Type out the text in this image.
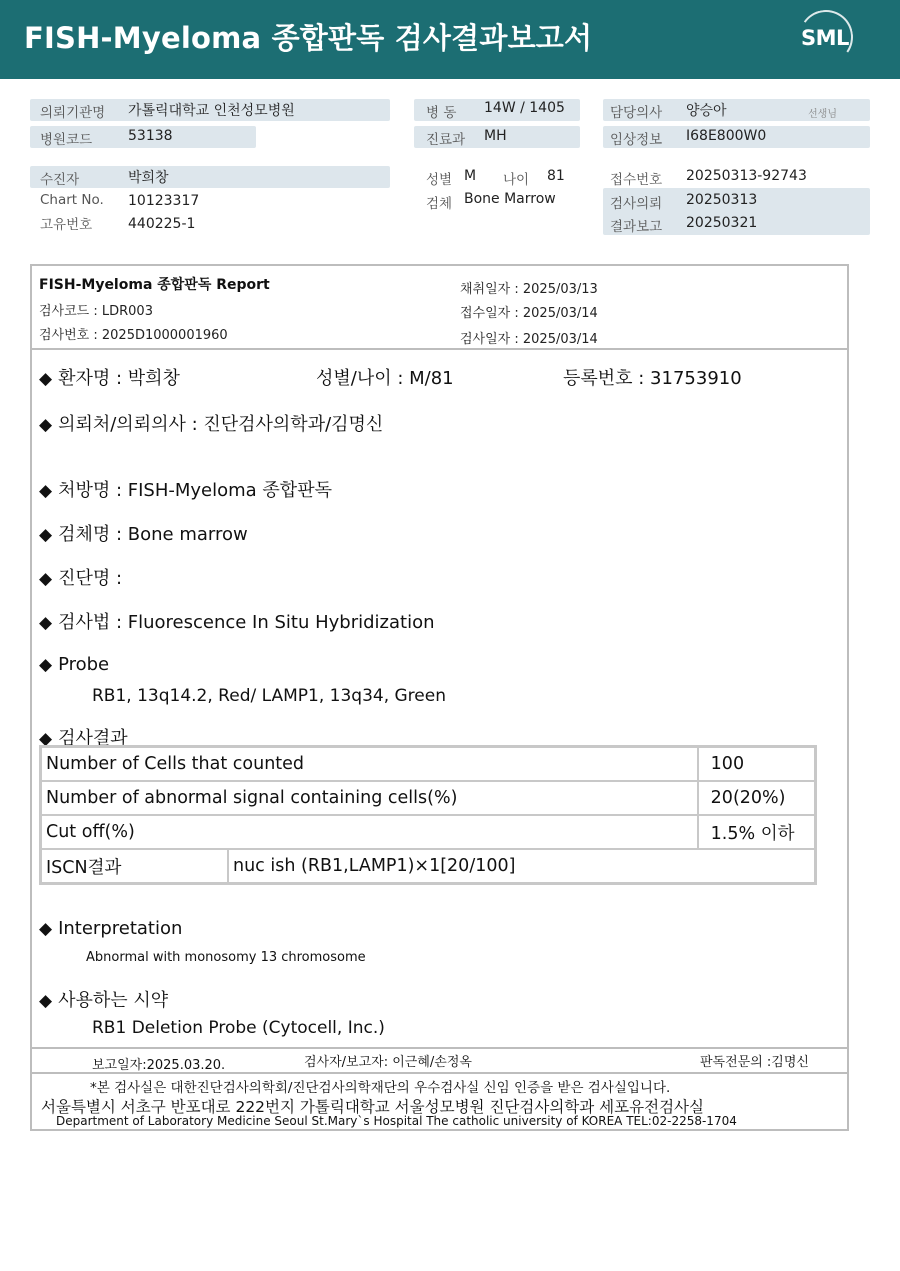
FISH-Myeloma 종합판독 검사결과보고서	SML
의뢰기관명 가톨릭대학교 인천성모병원
병원코드	53138
병 동 14W / 1405
진료과 MH
담당의사 양승아	선생님
임상정보 I68E800W0
수진자	박희창
Chart No. 10123317
고유번호	440225-1
성별 M 나이 81
검체 Bone Marrow
접수번호 20250313-92743
검사의뢰 20250313
결과보고 20250321
FISH-Myeloma 종합판독 Report
검사코드 : LDR003
검사번호 : 2025D1000001960
채취일자 : 2025/03/13
접수일자 : 2025/03/14
검사일자 : 2025/03/14
◆ 환자명 : 박희창	성별/나이 : M/81	등록번호 : 31753910
◆ 의뢰처/의뢰의사 : 진단검사의학과/김명신
◆ 처방명 : FISH-Myeloma 종합판독
◆ 검체명 : Bone marrow
◆ 진단명 :
◆ 검사법 : Fluorescence In Situ Hybridization
◆ Probe
RB1, 13q14.2, Red/ LAMP1, 13q34, Green
◆ 검사결과
Number of Cells that counted		100
Number of abnormal signal containing cells(%)		20(20%)
Cut off(%)		1.5% 이하
ISCN결과	nuc ish (RB1,LAMP1)×1[20/100]	
◆ Interpretation
Abnormal with monosomy 13 chromosome
◆ 사용하는 시약
RB1 Deletion Probe (Cytocell, Inc.)
보고일자:2025.03.20.	검사자/보고자: 이근혜/손정옥	판독전문의 :김명신
*본 검사실은 대한진단검사의학회/진단검사의학재단의 우수검사실 신임 인증을 받은 검사실입니다.
서울특별시 서초구 반포대로 222번지 가톨릭대학교 서울성모병원 진단검사의학과 세포유전검사실
Department of Laboratory Medicine Seoul St.Mary`s Hospital The catholic university of KOREA TEL:02-2258-1704
